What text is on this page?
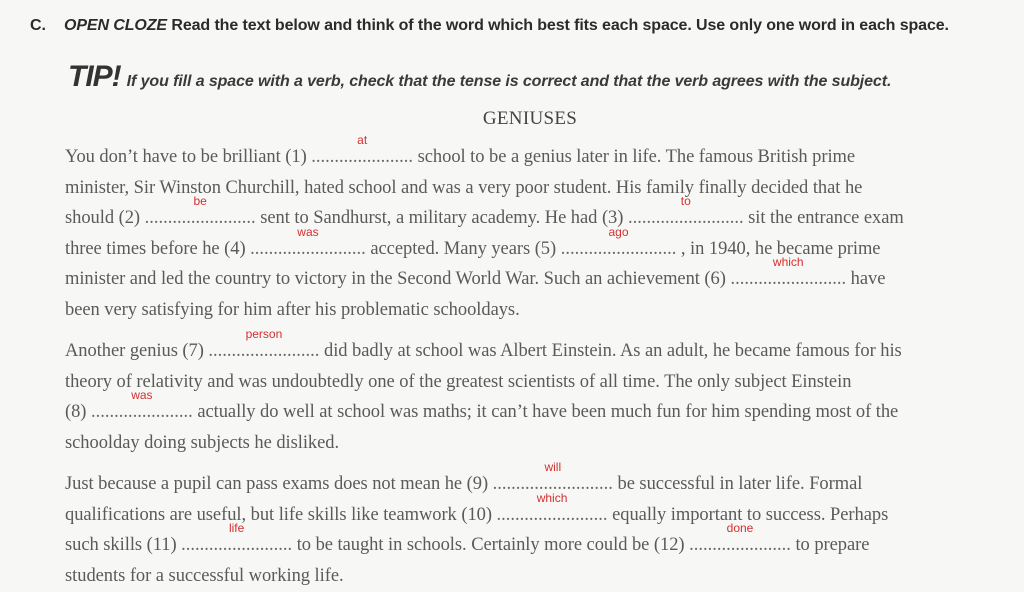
C. OPEN CLOZE Read the text below and think of the word which best fits each space. Use only one word in each space.
TIP! If you fill a space with a verb, check that the tense is correct and that the verb agrees with the subject.
GENIUSES
You don’t have to be brilliant (1) ......................
at
school to be a genius later in life. The famous British prime
minister, Sir Winston Churchill, hated school and was a very poor student. His family finally decided that he
should (2) ........................
be
sent to Sandhurst, a military academy. He had (3) .........................
to
sit the entrance exam
three times before he (4) .........................
was
accepted. Many years (5) .........................
ago
, in 1940, he became prime
minister and led the country to victory in the Second World War. Such an achievement (6) .........................
which
have
been very satisfying for him after his problematic schooldays.
Another genius (7) ........................
person
did badly at school was Albert Einstein. As an adult, he became famous for his
theory of relativity and was undoubtedly one of the greatest scientists of all time. The only subject Einstein
(8) ......................
was
actually do well at school was maths; it can’t have been much fun for him spending most of the
schoolday doing subjects he disliked.
Just because a pupil can pass exams does not mean he (9) ..........................
will
be successful in later life. Formal
qualifications are useful, but life skills like teamwork (10) ........................
which
equally important to success. Perhaps
such skills (11) ........................
life
to be taught in schools. Certainly more could be (12) ......................
done
to prepare
students for a successful working life.
